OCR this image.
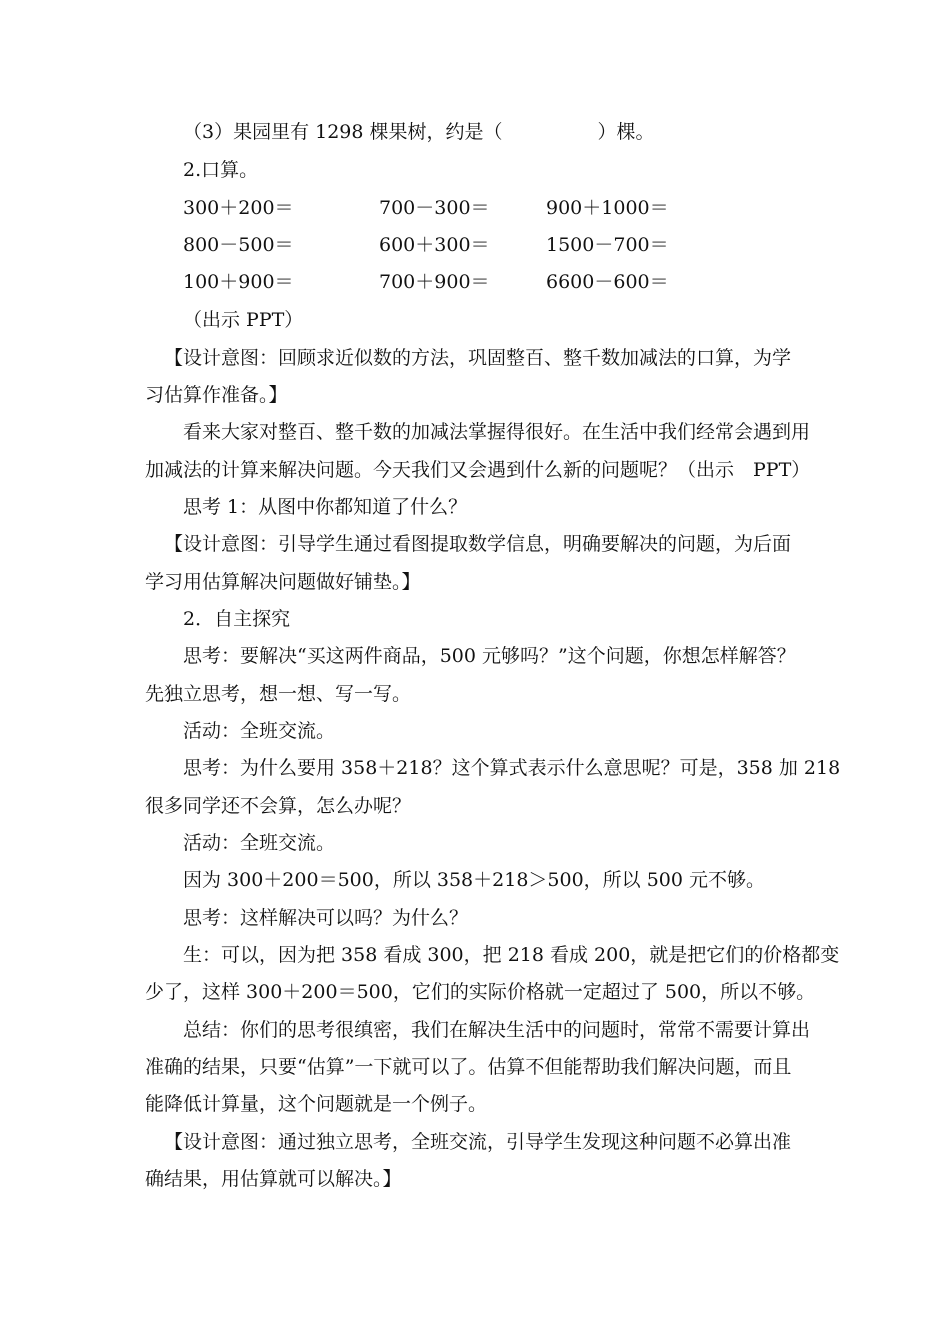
（3）果园里有 1298 棵果树，约是（　　　　　）棵。
2.口算。
300＋200＝	700－300＝	900＋1000＝
800－500＝	600＋300＝	1500－700＝
100＋900＝	700＋900＝	6600－600＝
（出示 PPT）
【设计意图：回顾求近似数的方法，巩固整百、整千数加减法的口算，为学
习估算作准备。】
看来大家对整百、整千数的加减法掌握得很好。在生活中我们经常会遇到用
加减法的计算来解决问题。今天我们又会遇到什么新的问题呢？（出示　PPT）
思考 1：从图中你都知道了什么？
【设计意图：引导学生通过看图提取数学信息，明确要解决的问题，为后面
学习用估算解决问题做好铺垫。】
2．自主探究
思考：要解决“买这两件商品，500 元够吗？”这个问题，你想怎样解答？
先独立思考，想一想、写一写。
活动：全班交流。
思考：为什么要用 358＋218？这个算式表示什么意思呢？可是，358 加 218
很多同学还不会算，怎么办呢？
活动：全班交流。
因为 300＋200＝500，所以 358＋218＞500，所以 500 元不够。
思考：这样解决可以吗？为什么？
生：可以，因为把 358 看成 300，把 218 看成 200，就是把它们的价格都变
少了，这样 300＋200＝500，它们的实际价格就一定超过了 500，所以不够。
总结：你们的思考很缜密，我们在解决生活中的问题时，常常不需要计算出
准确的结果，只要“估算”一下就可以了。估算不但能帮助我们解决问题，而且
能降低计算量，这个问题就是一个例子。
【设计意图：通过独立思考，全班交流，引导学生发现这种问题不必算出准
确结果，用估算就可以解决。】
